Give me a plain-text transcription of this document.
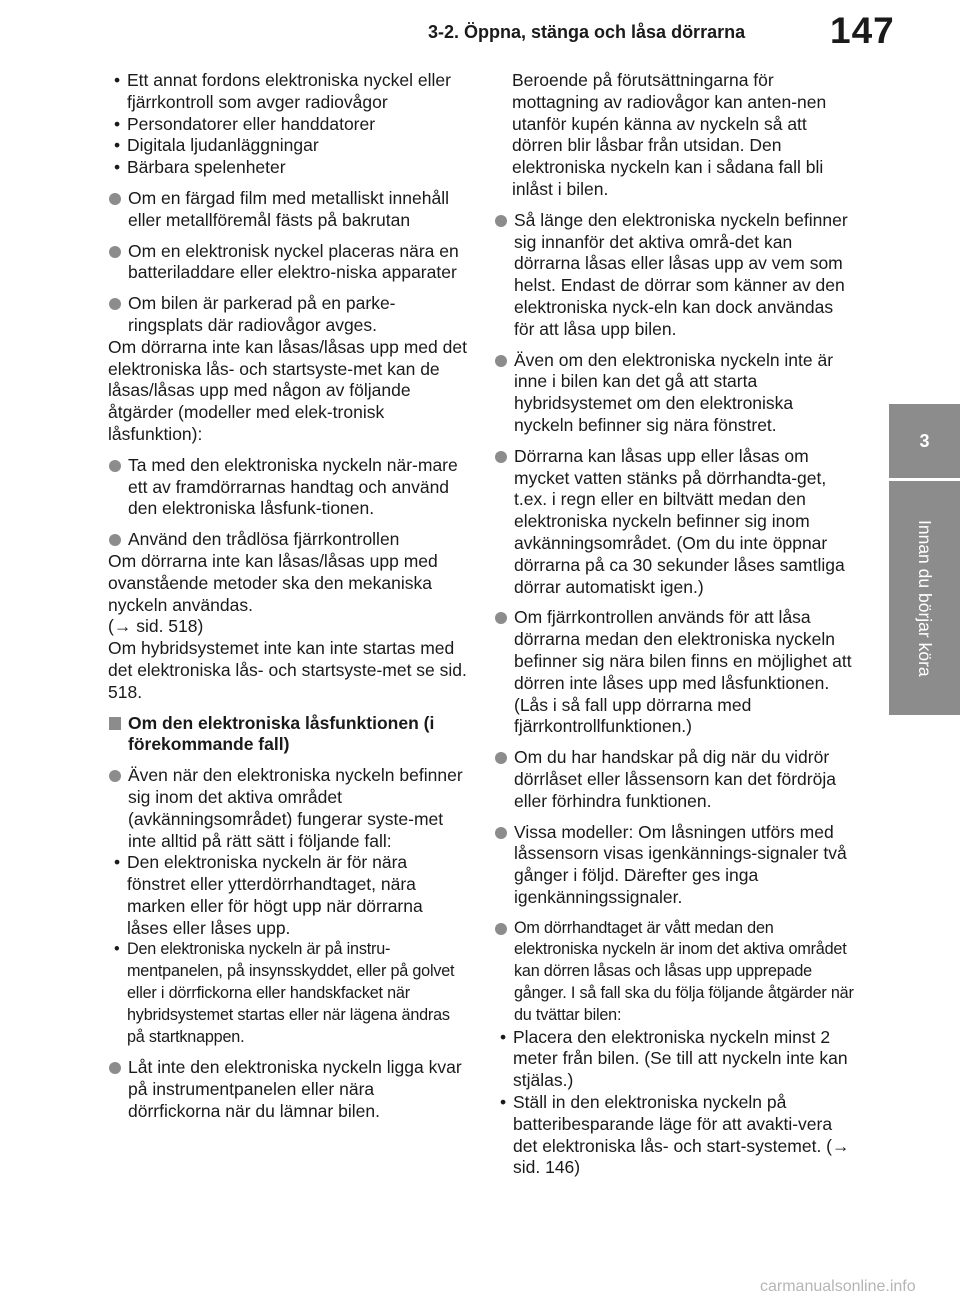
3-2. Öppna, stänga och låsa dörrarna 147
3
Innan du börjar köra
• Ett annat fordons elektroniska nyckel eller fjärrkontroll som avger radiovågor
• Persondatorer eller handdatorer
• Digitala ljudanläggningar
• Bärbara spelenheter
Om en färgad film med metalliskt innehåll eller metallföremål fästs på bakrutan
Om en elektronisk nyckel placeras nära en batteriladdare eller elektro-niska apparater
Om bilen är parkerad på en parke-ringsplats där radiovågor avges.

Om dörrarna inte kan låsas/låsas upp med det elektroniska lås- och startsyste-met kan de låsas/låsas upp med någon av följande åtgärder (modeller med elek-tronisk låsfunktion):

Ta med den elektroniska nyckeln när-mare ett av framdörrarnas handtag och använd den elektroniska låsfunk-tionen.
Använd den trådlösa fjärrkontrollen

Om dörrarna inte kan låsas/låsas upp med ovanstående metoder ska den mekaniska nyckeln användas.
(→ sid. 518)

Om hybridsystemet inte kan inte startas med det elektroniska lås- och startsyste-met se sid. 518.

Om den elektroniska låsfunktionen (i förekommande fall)
Även när den elektroniska nyckeln befinner sig inom det aktiva området (avkänningsområdet) fungerar syste-met inte alltid på rätt sätt i följande fall:
• Den elektroniska nyckeln är för nära fönstret eller ytterdörrhandtaget, nära marken eller för högt upp när dörrarna låses eller låses upp.
• Den elektroniska nyckeln är på instru-mentpanelen, på insynsskyddet, eller på golvet eller i dörrfickorna eller handskfacket när hybridsystemet startas eller när lägena ändras på startknappen.
Låt inte den elektroniska nyckeln ligga kvar på instrumentpanelen eller nära dörrfickorna när du lämnar bilen.

Beroende på förutsättningarna för mottagning av radiovågor kan anten-nen utanför kupén känna av nyckeln så att dörren blir låsbar från utsidan. Den elektroniska nyckeln kan i sådana fall bli inlåst i bilen.

Så länge den elektroniska nyckeln befinner sig innanför det aktiva områ-det kan dörrarna låsas eller låsas upp av vem som helst. Endast de dörrar som känner av den elektroniska nyck-eln kan dock användas för att låsa upp bilen.
Även om den elektroniska nyckeln inte är inne i bilen kan det gå att starta hybridsystemet om den elektroniska nyckeln befinner sig nära fönstret.
Dörrarna kan låsas upp eller låsas om mycket vatten stänks på dörrhandta-get, t.ex. i regn eller en biltvätt medan den elektroniska nyckeln befinner sig inom avkänningsområdet. (Om du inte öppnar dörrarna på ca 30 sekunder låses samtliga dörrar automatiskt igen.)
Om fjärrkontrollen används för att låsa dörrarna medan den elektroniska nyckeln befinner sig nära bilen finns en möjlighet att dörren inte låses upp med låsfunktionen. (Lås i så fall upp dörrarna med fjärrkontrollfunktionen.)
Om du har handskar på dig när du vidrör dörrlåset eller låssensorn kan det fördröja eller förhindra funktionen.
Vissa modeller: Om låsningen utförs med låssensorn visas igenkännings-signaler två gånger i följd. Därefter ges inga igenkänningssignaler.
Om dörrhandtaget är vått medan den elektroniska nyckeln är inom det aktiva området kan dörren låsas och låsas upp upprepade gånger. I så fall ska du följa följande åtgärder när du tvättar bilen:
• Placera den elektroniska nyckeln minst 2 meter från bilen. (Se till att nyckeln inte kan stjälas.)
• Ställ in den elektroniska nyckeln på batteribesparande läge för att avakti-vera det elektroniska lås- och start-systemet. (→ sid. 146)
carmanualsonline.info
